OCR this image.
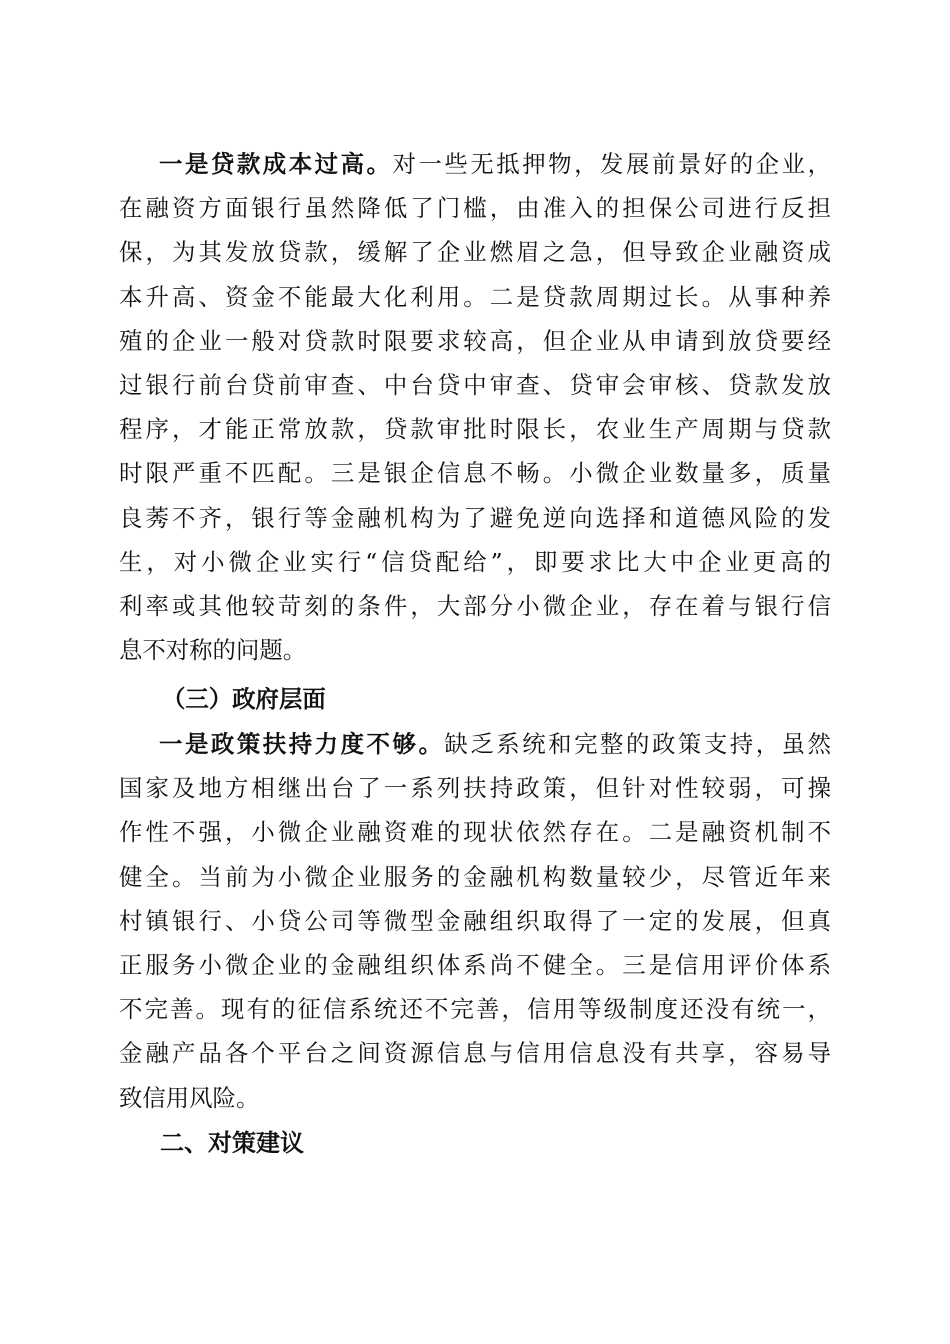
一是贷款成本过高。对一些无抵押物，发展前景好的企业，
在融资方面银行虽然降低了门槛，由准入的担保公司进行反担
保，为其发放贷款，缓解了企业燃眉之急，但导致企业融资成
本升高、资金不能最大化利用。二是贷款周期过长。从事种养
殖的企业一般对贷款时限要求较高，但企业从申请到放贷要经
过银行前台贷前审查、中台贷中审查、贷审会审核、贷款发放
程序，才能正常放款，贷款审批时限长，农业生产周期与贷款
时限严重不匹配。三是银企信息不畅。小微企业数量多，质量
良莠不齐，银行等金融机构为了避免逆向选择和道德风险的发
生，对小微企业实行“信贷配给”，即要求比大中企业更高的
利率或其他较苛刻的条件，大部分小微企业，存在着与银行信
息不对称的问题。
（三）政府层面
一是政策扶持力度不够。缺乏系统和完整的政策支持，虽然
国家及地方相继出台了一系列扶持政策，但针对性较弱，可操
作性不强，小微企业融资难的现状依然存在。二是融资机制不
健全。当前为小微企业服务的金融机构数量较少，尽管近年来
村镇银行、小贷公司等微型金融组织取得了一定的发展，但真
正服务小微企业的金融组织体系尚不健全。三是信用评价体系
不完善。现有的征信系统还不完善，信用等级制度还没有统一，
金融产品各个平台之间资源信息与信用信息没有共享，容易导
致信用风险。
二、对策建议
